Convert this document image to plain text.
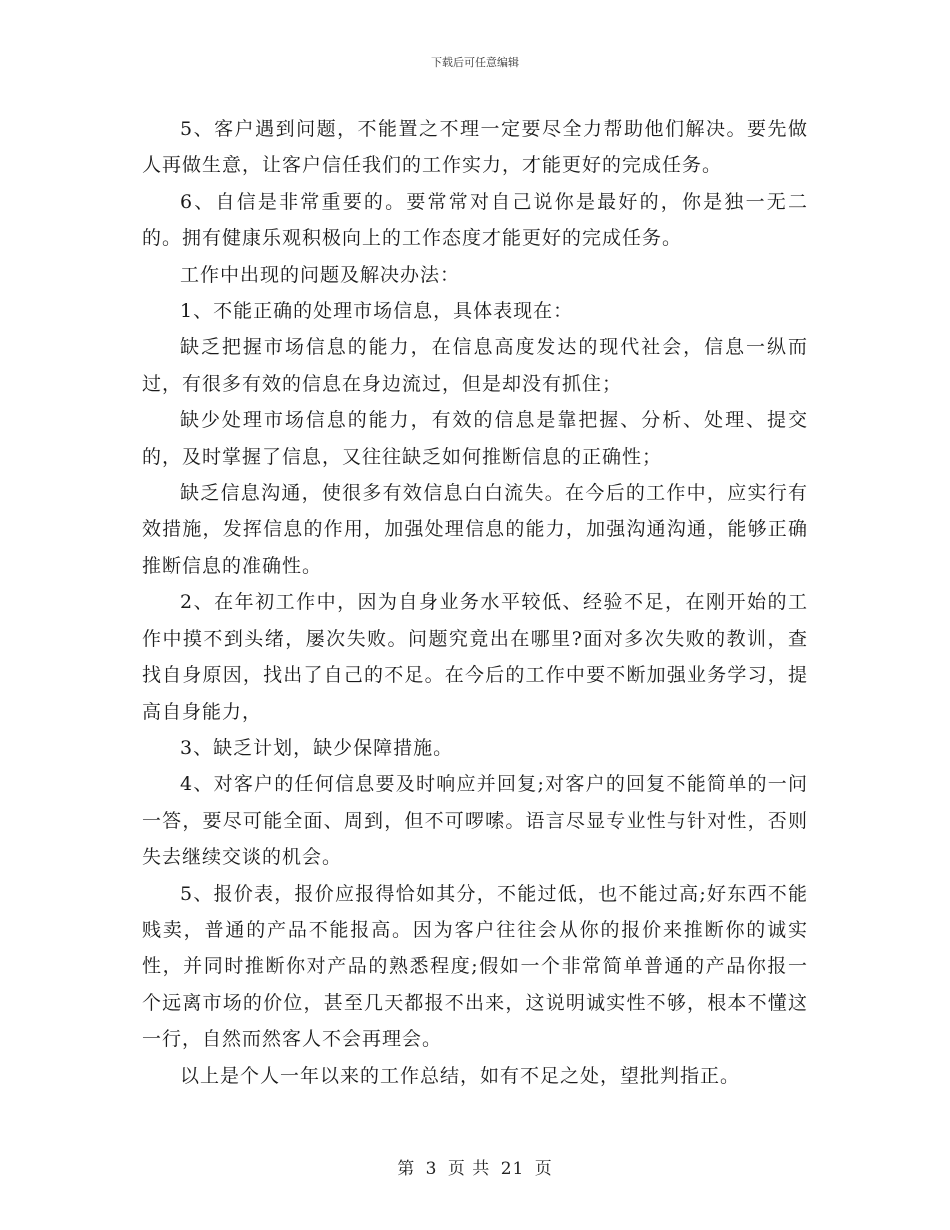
下载后可任意编辑

5、客户遇到问题，不能置之不理一定要尽全力帮助他们解决。要先做人再做生意，让客户信任我们的工作实力，才能更好的完成任务。

6、自信是非常重要的。要常常对自己说你是最好的，你是独一无二的。拥有健康乐观积极向上的工作态度才能更好的完成任务。

工作中出现的问题及解决办法：

1、不能正确的处理市场信息，具体表现在：

缺乏把握市场信息的能力，在信息高度发达的现代社会，信息一纵而过，有很多有效的信息在身边流过，但是却没有抓住；

缺少处理市场信息的能力，有效的信息是靠把握、分析、处理、提交的，及时掌握了信息，又往往缺乏如何推断信息的正确性；

缺乏信息沟通，使很多有效信息白白流失。在今后的工作中，应实行有效措施，发挥信息的作用，加强处理信息的能力，加强沟通沟通，能够正确推断信息的准确性。

2、在年初工作中，因为自身业务水平较低、经验不足，在刚开始的工作中摸不到头绪，屡次失败。问题究竟出在哪里?面对多次失败的教训，查找自身原因，找出了自己的不足。在今后的工作中要不断加强业务学习，提高自身能力，

3、缺乏计划，缺少保障措施。

4、对客户的任何信息要及时响应并回复;对客户的回复不能简单的一问一答，要尽可能全面、周到，但不可啰嗦。语言尽显专业性与针对性，否则失去继续交谈的机会。

5、报价表，报价应报得恰如其分，不能过低，也不能过高;好东西不能贱卖，普通的产品不能报高。因为客户往往会从你的报价来推断你的诚实性，并同时推断你对产品的熟悉程度;假如一个非常简单普通的产品你报一个远离市场的价位，甚至几天都报不出来，这说明诚实性不够，根本不懂这一行，自然而然客人不会再理会。

以上是个人一年以来的工作总结，如有不足之处，望批判指正。

第 3 页 共 21 页
